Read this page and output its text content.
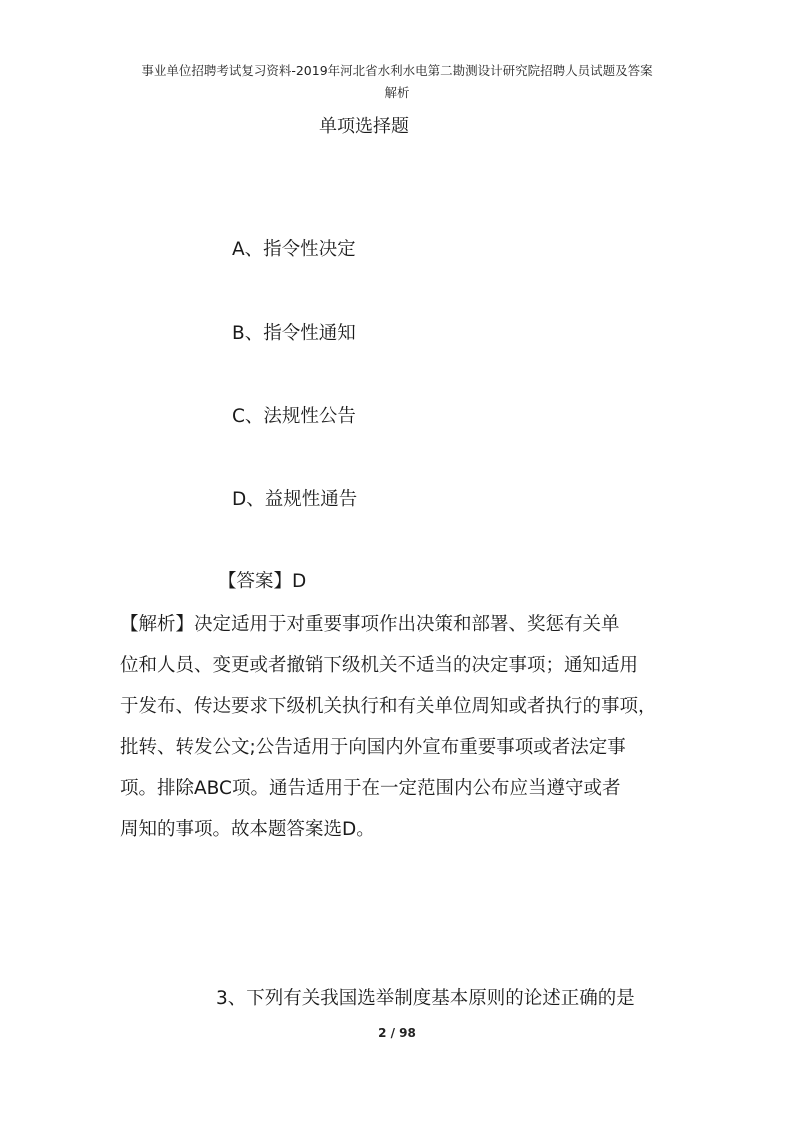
事业单位招聘考试复习资料-2019年河北省水利水电第二勘测设计研究院招聘人员试题及答案
解析
单项选择题
A、指令性决定
B、指令性通知
C、法规性公告
D、益规性通告
【答案】D
【解析】决定适用于对重要事项作出决策和部署、奖惩有关单
位和人员、变更或者撤销下级机关不适当的决定事项；通知适用
于发布、传达要求下级机关执行和有关单位周知或者执行的事项，
批转、转发公文;公告适用于向国内外宣布重要事项或者法定事
项。排除ABC项。通告适用于在一定范围内公布应当遵守或者
周知的事项。故本题答案选D。
3、下列有关我国选举制度基本原则的论述正确的是
2 / 98
